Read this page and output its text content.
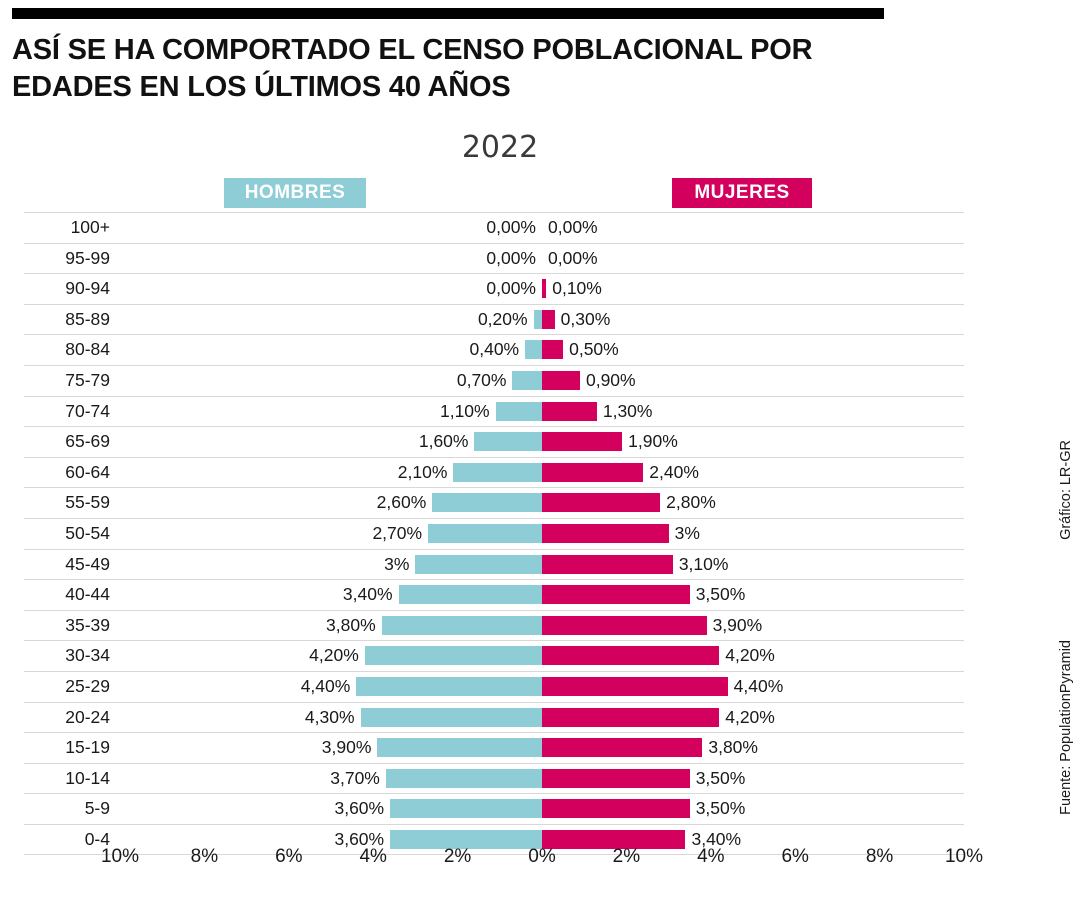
ASÍ SE HA COMPORTADO EL CENSO POBLACIONAL POR EDADES EN LOS ÚLTIMOS 40 AÑOS
2022
HOMBRES	MUJERES
100+	0,00% 0,00%
95-99	0,00% 0,00%
90-94	0,00% 0,10%
85-89	0,20% 0,30%
80-84	0,40%	0,50%
75-79	0,70%	0,90%
70-74	1,10%	1,30%
65-69	1,60%	1,90%
60-64	2,10%	2,40%
55-59	2,60%	2,80%
50-54	2,70%	3%
45-49	3%	3,10%
40-44	3,40%	3,50%
35-39	3,80%	3,90%
30-34	4,20%	4,20%
25-29	4,40%	4,40%
20-24	4,30%	4,20%
15-19	3,90%	3,80%
10-14	3,70%	3,50%
5-9	3,60%	3,50%
0-4	3,60%	3,40%
10%	8%	6%	4%	2%	0%	2%	4%	6%	8%	10%
Gráfico: LR-GR
Fuente: PopulationPyramid
